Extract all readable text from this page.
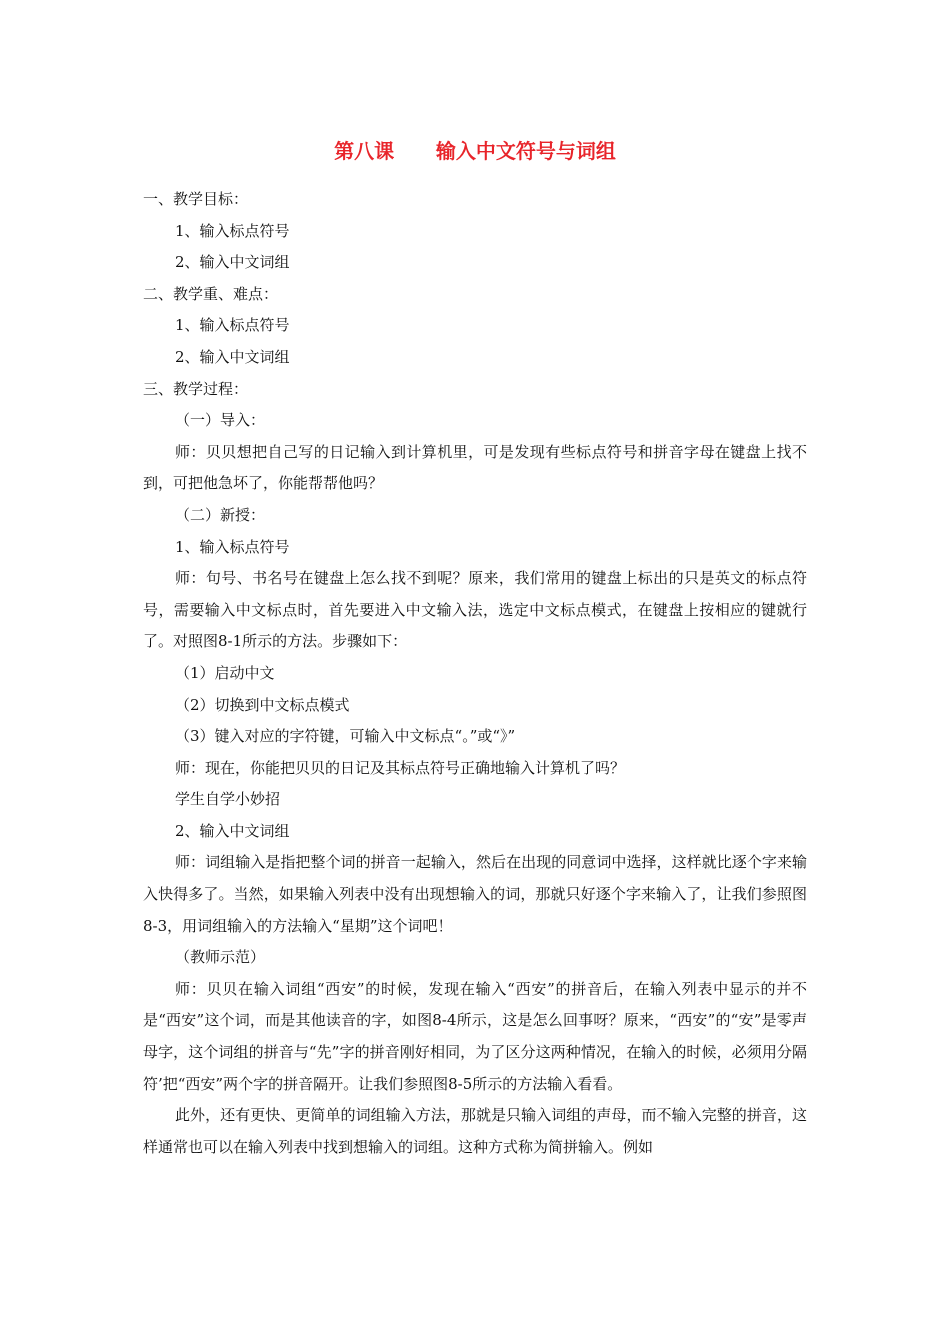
第八课      输入中文符号与词组

一、教学目标：

1、输入标点符号

2、输入中文词组

二、教学重、难点：

1、输入标点符号

2、输入中文词组

三、教学过程：

（一）导入：

师：贝贝想把自己写的日记输入到计算机里，可是发现有些标点符号和拼音字母在键盘上找不到，可把他急坏了，你能帮帮他吗？

（二）新授：

1、输入标点符号

师：句号、书名号在键盘上怎么找不到呢？原来，我们常用的键盘上标出的只是英文的标点符号，需要输入中文标点时，首先要进入中文输入法，选定中文标点模式，在键盘上按相应的键就行了。对照图8-1所示的方法。步骤如下：

（1）启动中文

（2）切换到中文标点模式

（3）键入对应的字符键，可输入中文标点“。”或“》”

师：现在，你能把贝贝的日记及其标点符号正确地输入计算机了吗？

学生自学小妙招

2、输入中文词组

师：词组输入是指把整个词的拼音一起输入，然后在出现的同意词中选择，这样就比逐个字来输入快得多了。当然，如果输入列表中没有出现想输入的词，那就只好逐个字来输入了，让我们参照图8-3，用词组输入的方法输入“星期”这个词吧！

（教师示范）

师：贝贝在输入词组“西安”的时候，发现在输入“西安”的拼音后，在输入列表中显示的并不是“西安”这个词，而是其他读音的字，如图8-4所示，这是怎么回事呀？原来，“西安”的“安”是零声母字，这个词组的拼音与“先”字的拼音刚好相同，为了区分这两种情况，在输入的时候，必须用分隔符’把“西安”两个字的拼音隔开。让我们参照图8-5所示的方法输入看看。

此外，还有更快、更简单的词组输入方法，那就是只输入词组的声母，而不输入完整的拼音，这样通常也可以在输入列表中找到想输入的词组。这种方式称为简拼输入。例如
